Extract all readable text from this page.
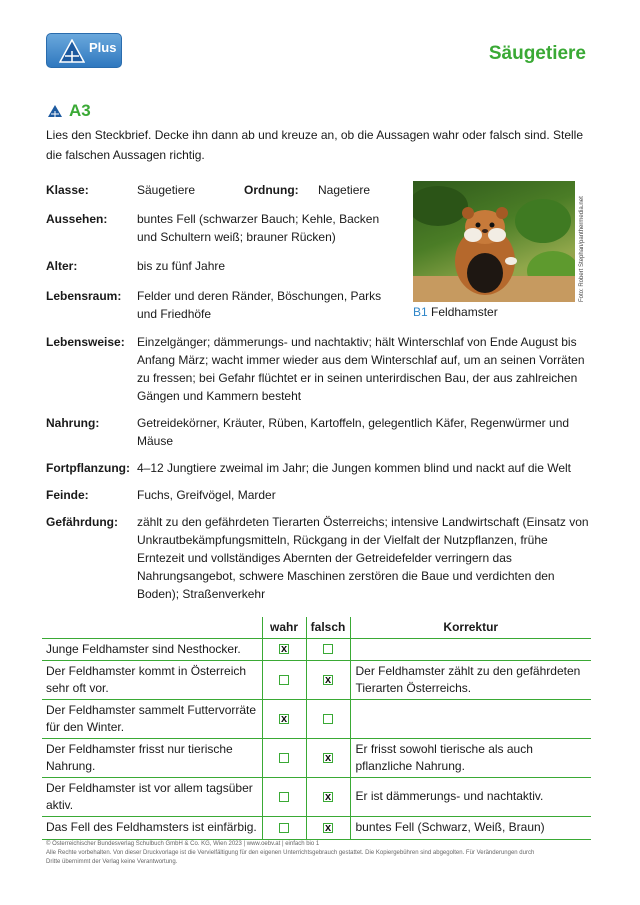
Plus	Säugetiere
A3
Lies den Steckbrief. Decke ihn dann ab und kreuze an, ob die Aussagen wahr oder falsch sind. Stelle die falschen Aussagen richtig.
Klasse:	Säugetiere	Ordnung: Nagetiere
Aussehen: buntes Fell (schwarzer Bauch; Kehle, Backen
und Schultern weiß; brauner Rücken)
Alter:	bis zu fünf Jahre
Lebensraum: Felder und deren Ränder, Böschungen, Parks
und Friedhöfe
Lebensweise: Einzelgänger; dämmerungs- und nachtaktiv; hält Winterschlaf von Ende August bis
Anfang März; wacht immer wieder aus dem Winterschlaf auf, um an seinen Vorräten
zu fressen; bei Gefahr flüchtet er in seinen unterirdischen Bau, der aus zahlreichen
Gängen und Kammern besteht
Nahrung:	Getreidekörner, Kräuter, Rüben, Kartoffeln, gelegentlich Käfer, Regenwürmer und
Mäuse
Fortpflanzung: 4–12 Jungtiere zweimal im Jahr; die Jungen kommen blind und nackt auf die Welt
Feinde:	Fuchs, Greifvögel, Marder
Gefährdung: zählt zu den gefährdeten Tierarten Österreichs; intensive Landwirtschaft (Einsatz von
Unkrautbekämpfungsmitteln, Rückgang in der Vielfalt der Nutzpflanzen, frühe
Erntezeit und vollständiges Abernten der Getreidefelder verringern das
Nahrungsangebot, schwere Maschinen zerstören die Baue und verdichten den
Boden); Straßenverkehr
Foto: Robert Stephan/panthermedia.net
B1 Feldhamster
	wahr	falsch	Korrektur
Junge Feldhamster sind Nesthocker.	x		
Der Feldhamster kommt in Österreich sehr oft vor.		x	Der Feldhamster zählt zu den gefährdeten Tierarten Österreichs.
Der Feldhamster sammelt Futtervorräte für den Winter.	x		
Der Feldhamster frisst nur tierische Nahrung.		x	Er frisst sowohl tierische als auch pflanzliche Nahrung.
Der Feldhamster ist vor allem tagsüber aktiv.		x	Er ist dämmerungs- und nachtaktiv.
Das Fell des Feldhamsters ist einfärbig.		x	buntes Fell (Schwarz, Weiß, Braun)
© Österreichischer Bundesverlag Schulbuch GmbH & Co. KG, Wien 2023 | www.oebv.at | einfach bio 1
Alle Rechte vorbehalten. Von dieser Druckvorlage ist die Vervielfältigung für den eigenen Unterrichtsgebrauch gestattet. Die Kopiergebühren sind abgegolten. Für Veränderungen durch
Dritte übernimmt der Verlag keine Verantwortung.
